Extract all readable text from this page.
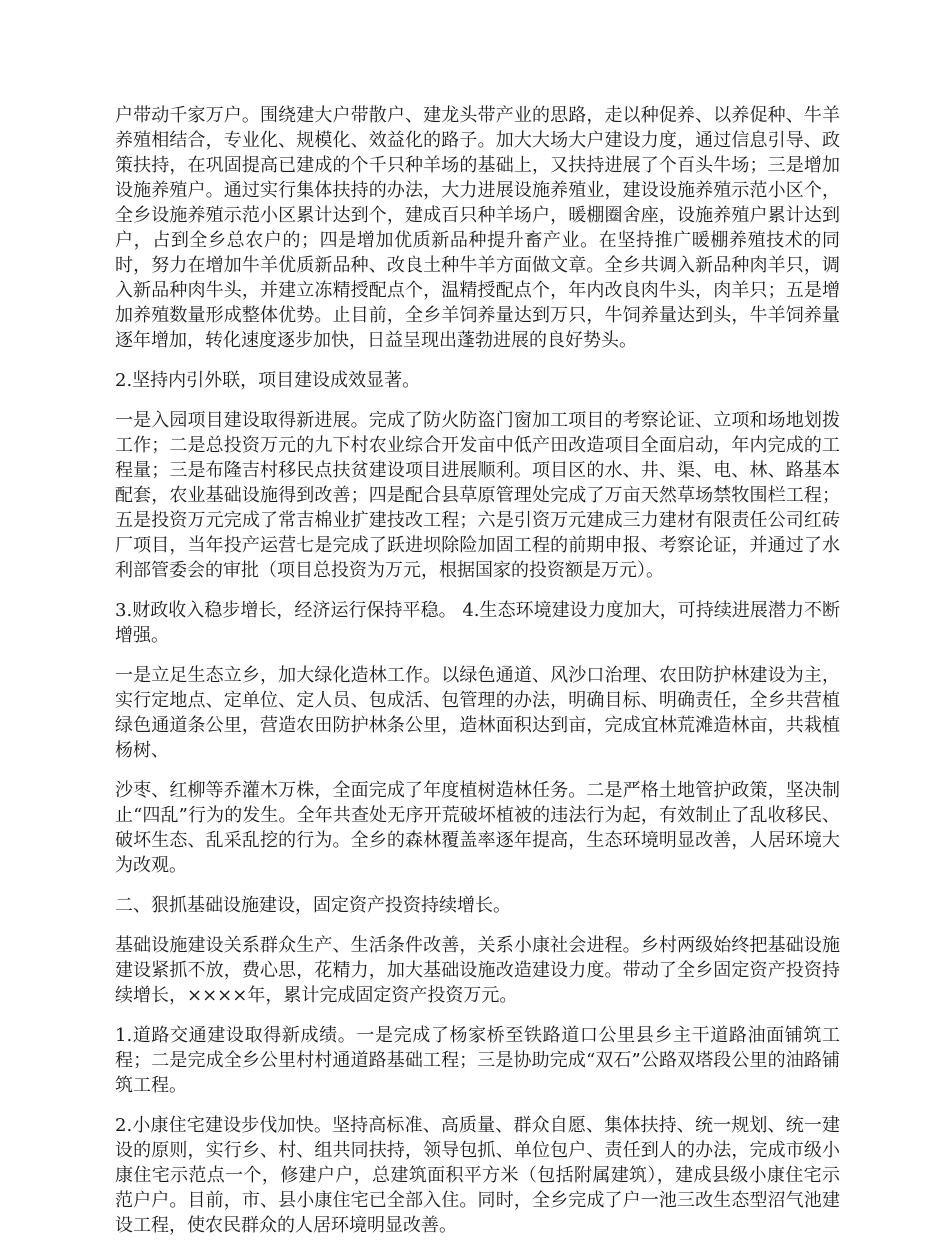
户带动千家万户。围绕建大户带散户、建龙头带产业的思路，走以种促养、以养促种、牛羊养殖相结合，专业化、规模化、效益化的路子。加大大场大户建设力度，通过信息引导、政策扶持，在巩固提高已建成的个千只种羊场的基础上，又扶持进展了个百头牛场；三是增加设施养殖户。通过实行集体扶持的办法，大力进展设施养殖业，建设设施养殖示范小区个，全乡设施养殖示范小区累计达到个，建成百只种羊场户，暖棚圈舍座，设施养殖户累计达到户，占到全乡总农户的；四是增加优质新品种提升畜产业。在坚持推广暖棚养殖技术的同时，努力在增加牛羊优质新品种、改良土种牛羊方面做文章。全乡共调入新品种肉羊只，调入新品种肉牛头，并建立冻精授配点个，温精授配点个，年内改良肉牛头，肉羊只；五是增加养殖数量形成整体优势。止目前，全乡羊饲养量达到万只，牛饲养量达到头，牛羊饲养量逐年增加，转化速度逐步加快，日益呈现出蓬勃进展的良好势头。

2.坚持内引外联，项目建设成效显著。

一是入园项目建设取得新进展。完成了防火防盗门窗加工项目的考察论证、立项和场地划拨工作；二是总投资万元的九下村农业综合开发亩中低产田改造项目全面启动，年内完成的工程量；三是布隆吉村移民点扶贫建设项目进展顺利。项目区的水、井、渠、电、林、路基本配套，农业基础设施得到改善；四是配合县草原管理处完成了万亩天然草场禁牧围栏工程；五是投资万元完成了常吉棉业扩建技改工程；六是引资万元建成三力建材有限责任公司红砖厂项目，当年投产运营七是完成了跃进坝除险加固工程的前期申报、考察论证，并通过了水利部管委会的审批（项目总投资为万元，根据国家的投资额是万元）。

3.财政收入稳步增长，经济运行保持平稳。 4.生态环境建设力度加大，可持续进展潜力不断增强。

一是立足生态立乡，加大绿化造林工作。以绿色通道、风沙口治理、农田防护林建设为主，实行定地点、定单位、定人员、包成活、包管理的办法，明确目标、明确责任，全乡共营植绿色通道条公里，营造农田防护林条公里，造林面积达到亩，完成宜林荒滩造林亩，共栽植杨树、

沙枣、红柳等乔灌木万株，全面完成了年度植树造林任务。二是严格土地管护政策，坚决制止“四乱”行为的发生。全年共查处无序开荒破坏植被的违法行为起，有效制止了乱收移民、破坏生态、乱采乱挖的行为。全乡的森林覆盖率逐年提高，生态环境明显改善，人居环境大为改观。

二、狠抓基础设施建设，固定资产投资持续增长。

基础设施建设关系群众生产、生活条件改善，关系小康社会进程。乡村两级始终把基础设施建设紧抓不放，费心思，花精力，加大基础设施改造建设力度。带动了全乡固定资产投资持续增长，××××年，累计完成固定资产投资万元。

1.道路交通建设取得新成绩。一是完成了杨家桥至铁路道口公里县乡主干道路油面铺筑工程；二是完成全乡公里村村通道路基础工程；三是协助完成“双石”公路双塔段公里的油路铺筑工程。

2.小康住宅建设步伐加快。坚持高标准、高质量、群众自愿、集体扶持、统一规划、统一建设的原则，实行乡、村、组共同扶持，领导包抓、单位包户、责任到人的办法，完成市级小康住宅示范点一个，修建户户，总建筑面积平方米（包括附属建筑），建成县级小康住宅示范户户。目前，市、县小康住宅已全部入住。同时，全乡完成了户一池三改生态型沼气池建设工程，使农民群众的人居环境明显改善。
